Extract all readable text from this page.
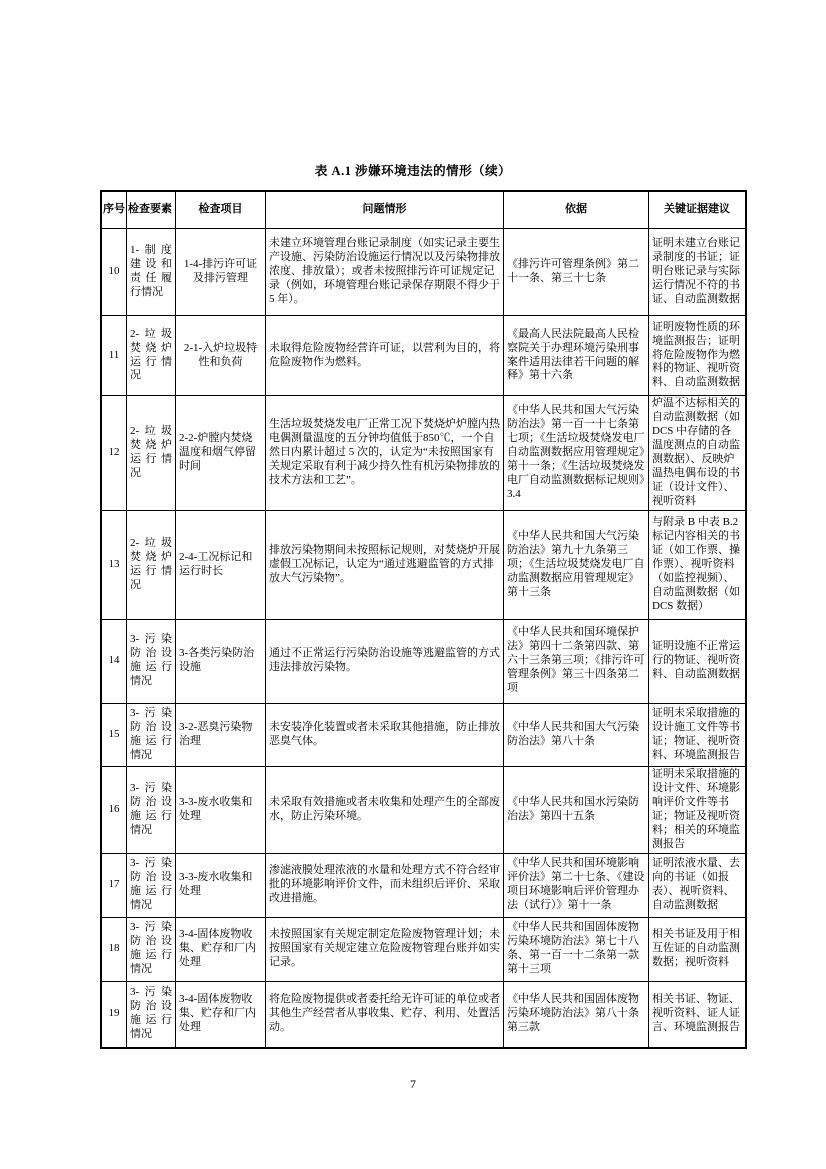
表 A.1 涉嫌环境违法的情形（续）
序号	检查要素	检查项目	问题情形	依据	关键证据建议
10	1-制度建设和责任履行情况	1-4-排污许可证及排污管理	未建立环境管理台账记录制度（如实记录主要生产设施、污染防治设施运行情况以及污染物排放浓度、排放量）；或者未按照排污许可证规定记录（例如，环境管理台账记录保存期限不得少于 5 年）。	《排污许可管理条例》第二十一条、第三十七条	证明未建立台账记录制度的书证；证明台账记录与实际运行情况不符的书证、自动监测数据
11	2-垃圾焚烧炉运行情况	2-1-入炉垃圾特性和负荷	未取得危险废物经营许可证，以营利为目的，将危险废物作为燃料。	《最高人民法院最高人民检察院关于办理环境污染刑事案件适用法律若干问题的解释》第十六条	证明废物性质的环境监测报告；证明将危险废物作为燃料的物证、视听资料、自动监测数据
12	2-垃圾焚烧炉运行情况	2-2-炉膛内焚烧温度和烟气停留时间	生活垃圾焚烧发电厂正常工况下焚烧炉炉膛内热电偶测量温度的五分钟均值低于850℃，一个自然日内累计超过 5 次的，认定为“未按照国家有关规定采取有利于减少持久性有机污染物排放的技术方法和工艺”。	《中华人民共和国大气污染防治法》第一百一十七条第七项；《生活垃圾焚烧发电厂自动监测数据应用管理规定》第十一条；《生活垃圾焚烧发电厂自动监测数据标记规则》3.4	炉温不达标相关的自动监测数据（如DCS 中存储的各温度测点的自动监测数据）、反映炉温热电偶布设的书证（设计文件）、视听资料
13	2-垃圾焚烧炉运行情况	2-4-工况标记和运行时长	排放污染物期间未按照标记规则，对焚烧炉开展虚假工况标记，认定为“通过逃避监管的方式排放大气污染物”。	《中华人民共和国大气污染防治法》第九十九条第三项；《生活垃圾焚烧发电厂自动监测数据应用管理规定》第十三条	与附录 B 中表 B.2 标记内容相关的书证（如工作票、操作票）、视听资料（如监控视频）、自动监测数据（如 DCS 数据）
14	3-污染防治设施运行情况	3-各类污染防治设施	通过不正常运行污染防治设施等逃避监管的方式违法排放污染物。	《中华人民共和国环境保护法》第四十二条第四款、第六十三条第三项；《排污许可管理条例》第三十四条第二项	证明设施不正常运行的物证、视听资料、自动监测数据
15	3-污染防治设施运行情况	3-2-恶臭污染物治理	未安装净化装置或者未采取其他措施，防止排放恶臭气体。	《中华人民共和国大气污染防治法》第八十条	证明未采取措施的设计施工文件等书证；物证、视听资料、环境监测报告
16	3-污染防治设施运行情况	3-3-废水收集和处理	未采取有效措施或者未收集和处理产生的全部废水，防止污染环境。	《中华人民共和国水污染防治法》第四十五条	证明未采取措施的设计文件、环境影响评价文件等书证；物证及视听资料；相关的环境监测报告
17	3-污染防治设施运行情况	3-3-废水收集和处理	渗滤液膜处理浓液的水量和处理方式不符合经审批的环境影响评价文件，而未组织后评价、采取改进措施。	《中华人民共和国环境影响评价法》第二十七条、《建设项目环境影响后评价管理办法（试行）》第十一条	证明浓液水量、去向的书证（如报表）、视听资料、自动监测数据
18	3-污染防治设施运行情况	3-4-固体废物收集、贮存和厂内处理	未按照国家有关规定制定危险废物管理计划；未按照国家有关规定建立危险废物管理台账并如实记录。	《中华人民共和国固体废物污染环境防治法》第七十八条、第一百一十二条第一款第十三项	相关书证及用于相互佐证的自动监测数据；视听资料
19	3-污染防治设施运行情况	3-4-固体废物收集、贮存和厂内处理	将危险废物提供或者委托给无许可证的单位或者其他生产经营者从事收集、贮存、利用、处置活动。	《中华人民共和国固体废物污染环境防治法》第八十条第三款	相关书证、物证、视听资料、证人证言、环境监测报告
7
